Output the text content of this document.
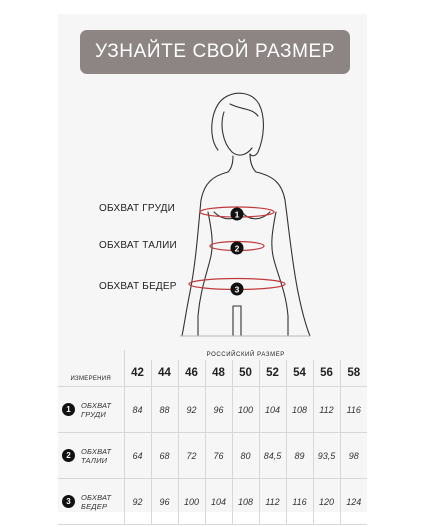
УЗНАЙТЕ СВОЙ РАЗМЕР
1
2
3
ОБХВАТ ГРУДИ
ОБХВАТ ТАЛИИ
ОБХВАТ БЕДЕР
ИЗМЕРЕНИЯ	РОССИЙСКИЙ РАЗМЕР								
	42	44	46	48	50	52	54	56	58

1 ОБХВАТ
ГРУДИ	84	88	92	96	100	104	108	112	116

2 ОБХВАТ
ТАЛИИ	64	68	72	76	80	84,5	89	93,5	98

3 ОБХВАТ
БЕДЕР	92	96	100	104	108	112	116	120	124
